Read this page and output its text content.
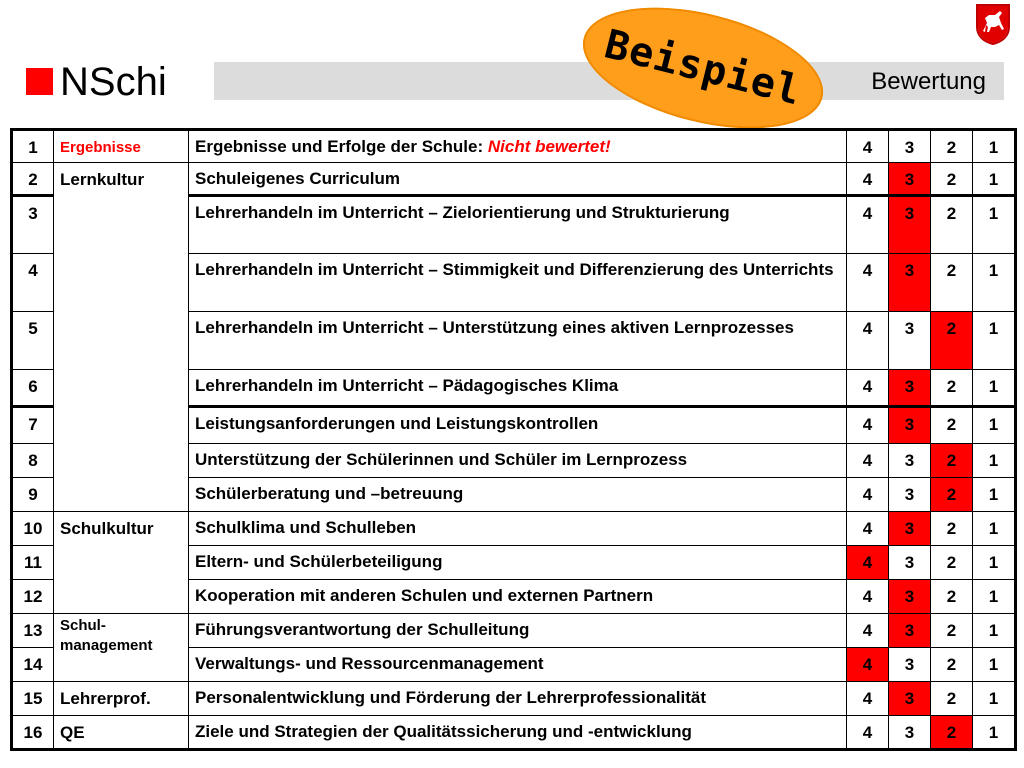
NSchi	Bewertung
Beispiel
1	Ergebnisse	Ergebnisse und Erfolge der Schule: Nicht bewertet!	4	3	2	1
2	Lernkultur	Schuleigenes Curriculum	4	3	2	1
3		Lehrerhandeln im Unterricht – Zielorientierung und Strukturierung	4	3	2	1
4		Lehrerhandeln im Unterricht – Stimmigkeit und Differenzierung des Unterrichts	4	3	2	1
5		Lehrerhandeln im Unterricht – Unterstützung eines aktiven Lernprozesses	4	3	2	1
6		Lehrerhandeln im Unterricht – Pädagogisches Klima	4	3	2	1
7		Leistungsanforderungen und Leistungskontrollen	4	3	2	1
8		Unterstützung der Schülerinnen und Schüler im Lernprozess	4	3	2	1
9		Schülerberatung und –betreuung	4	3	2	1
10	Schulkultur	Schulklima und Schulleben	4	3	2	1
11		Eltern- und Schülerbeteiligung	4	3	2	1
12		Kooperation mit anderen Schulen und externen Partnern	4	3	2	1
13	Schul-management	Führungsverantwortung der Schulleitung	4	3	2	1
14		Verwaltungs- und Ressourcenmanagement	4	3	2	1
15	Lehrerprof.	Personalentwicklung und Förderung der Lehrerprofessionalität	4	3	2	1
16	QE	Ziele und Strategien der Qualitätssicherung und -entwicklung	4	3	2	1
